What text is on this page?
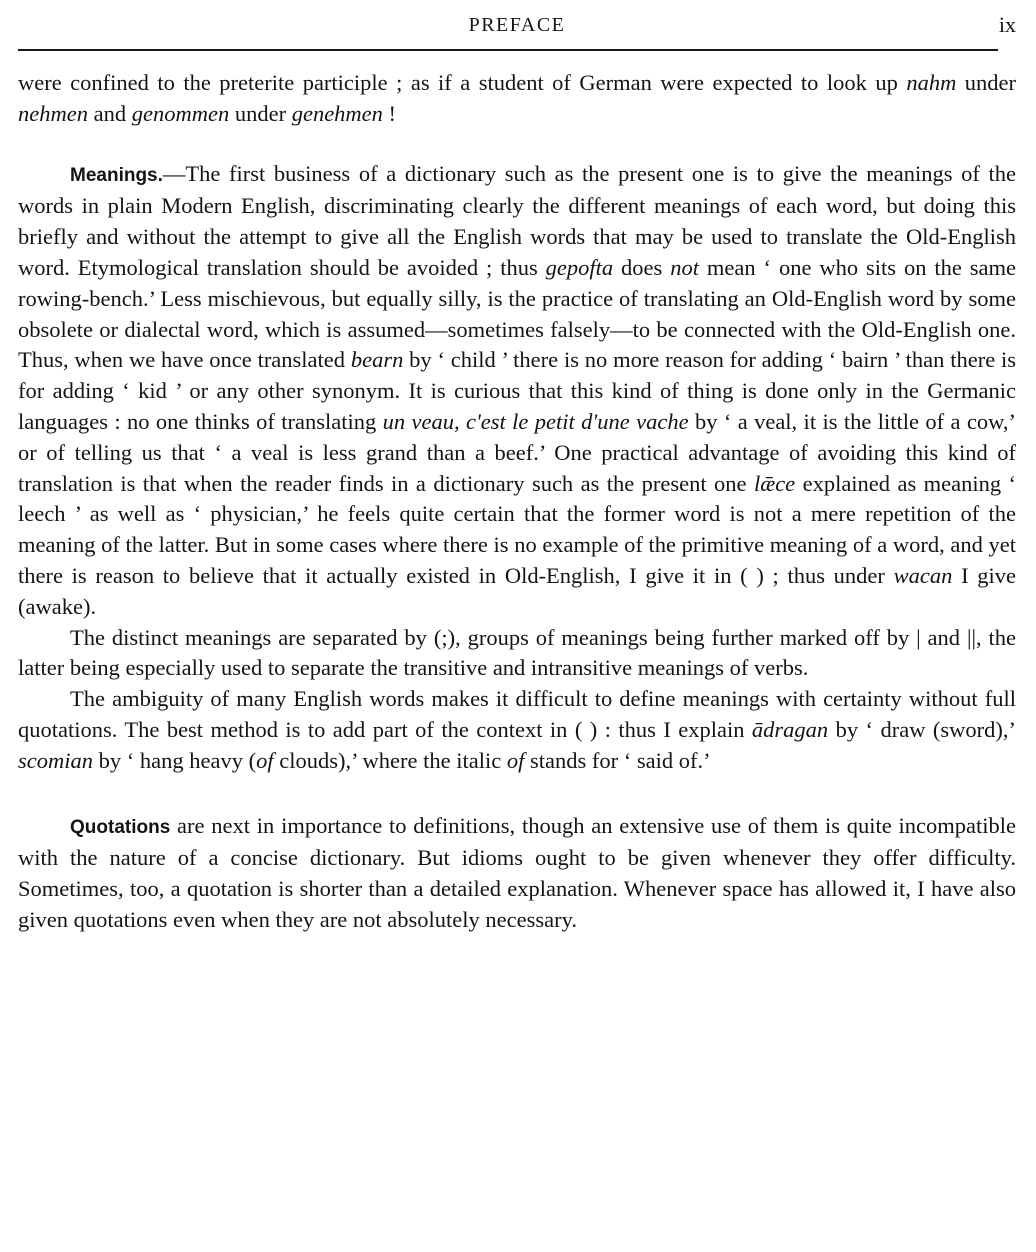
PREFACE	ix

were confined to the preterite participle ; as if a student of German were expected to look up nahm under nehmen and genommen under genehmen !

Meanings.—The first business of a dictionary such as the present one is to give the meanings of the words in plain Modern English, discriminating clearly the different meanings of each word, but doing this briefly and without the attempt to give all the English words that may be used to translate the Old-English word. Etymological translation should be avoided ; thus gepofta does not mean ‘ one who sits on the same rowing-bench.’ Less mischievous, but equally silly, is the practice of translating an Old-English word by some obsolete or dialectal word, which is assumed—sometimes falsely—to be connected with the Old-English one. Thus, when we have once translated bearn by ‘ child ’ there is no more reason for adding ‘ bairn ’ than there is for adding ‘ kid ’ or any other synonym. It is curious that this kind of thing is done only in the Germanic languages : no one thinks of translating un veau, c'est le petit d'une vache by ‘ a veal, it is the little of a cow,’ or of telling us that ‘ a veal is less grand than a beef.’ One practical advantage of avoiding this kind of translation is that when the reader finds in a dictionary such as the present one lǣce explained as meaning ‘ leech ’ as well as ‘ physician,’ he feels quite certain that the former word is not a mere repetition of the meaning of the latter. But in some cases where there is no example of the primitive meaning of a word, and yet there is reason to believe that it actually existed in Old-English, I give it in ( ) ; thus under wacan I give (awake).

The distinct meanings are separated by (;), groups of meanings being further marked off by | and ||, the latter being especially used to separate the transitive and intransitive meanings of verbs.

The ambiguity of many English words makes it difficult to define meanings with certainty without full quotations. The best method is to add part of the context in ( ) : thus I explain ādragan by ‘ draw (sword),’ scomian by ‘ hang heavy (of clouds),’ where the italic of stands for ‘ said of.’

Quotations are next in importance to definitions, though an extensive use of them is quite incompatible with the nature of a concise dictionary. But idioms ought to be given whenever they offer difficulty. Sometimes, too, a quotation is shorter than a detailed explanation. Whenever space has allowed it, I have also given quotations even when they are not absolutely necessary.
